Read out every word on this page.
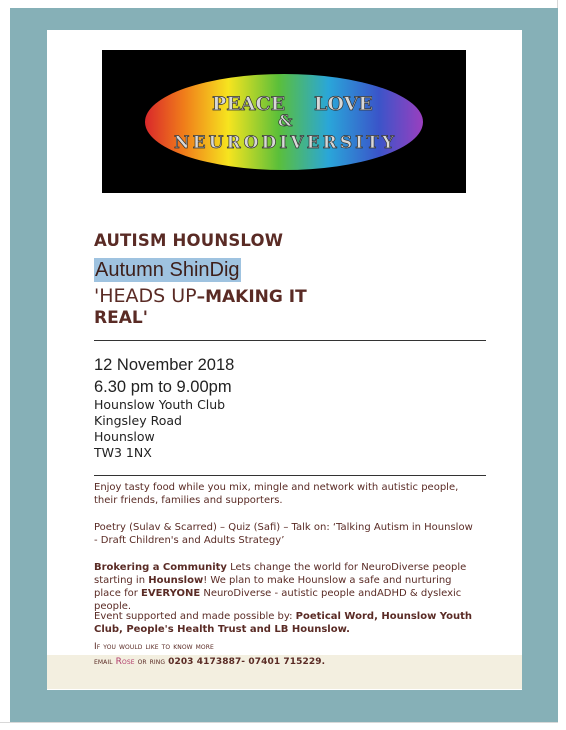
PEACE LOVE
&
NEURODIVERSITY
AUTISM HOUNSLOW
Autumn ShinDig
'HEADS UP–MAKING IT
REAL'
12 November 2018
6.30 pm to 9.00pm
Hounslow Youth Club
Kingsley Road
Hounslow
TW3 1NX

Enjoy tasty food while you mix, mingle and network with autistic people, their friends, families and supporters.

Poetry (Sulav & Scarred) – Quiz (Safi) – Talk on: ‘Talking Autism in Hounslow - Draft Children's and Adults Strategy’

Brokering a Community Lets change the world for NeuroDiverse people starting in Hounslow! We plan to make Hounslow a safe and nurturing place for EVERYONE NeuroDiverse - autistic people andADHD & dyslexic people.

Event supported and made possible by: Poetical Word, Hounslow Youth Club, People's Health Trust and LB Hounslow.

If you would like to know more

email Rose or ring 0203 4173887- 07401 715229.
